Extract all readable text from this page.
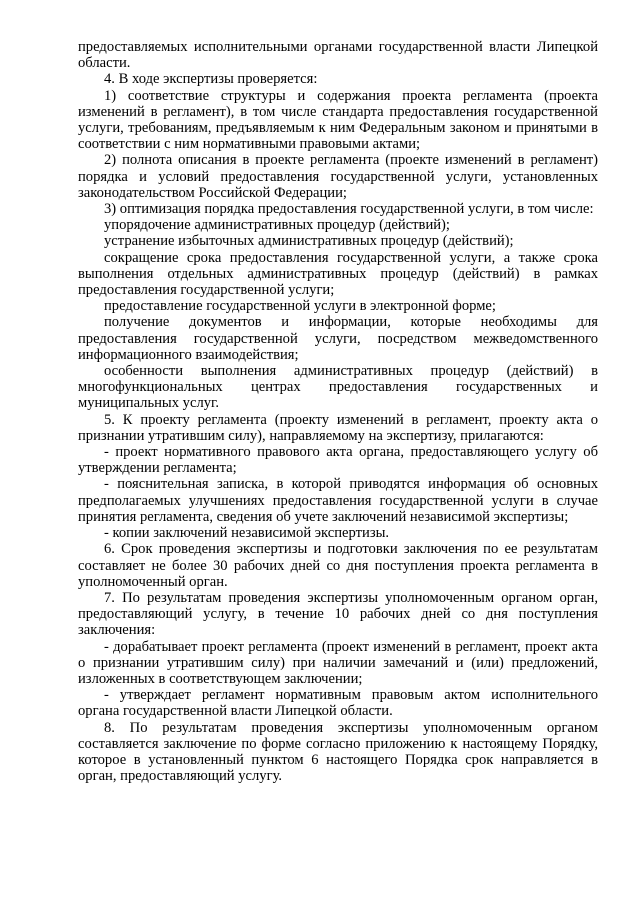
предоставляемых исполнительными органами государственной власти Липецкой области.

4. В ходе экспертизы проверяется:

1) соответствие структуры и содержания проекта регламента (проекта изменений в регламент), в том числе стандарта предоставления государственной услуги, требованиям, предъявляемым к ним Федеральным законом и принятыми в соответствии с ним нормативными правовыми актами;

2) полнота описания в проекте регламента (проекте изменений в регламент) порядка и условий предоставления государственной услуги, установленных законодательством Российской Федерации;

3) оптимизация порядка предоставления государственной услуги, в том числе:

упорядочение административных процедур (действий);

устранение избыточных административных процедур (действий);

сокращение срока предоставления государственной услуги, а также срока выполнения отдельных административных процедур (действий) в рамках предоставления государственной услуги;

предоставление государственной услуги в электронной форме;

получение документов и информации, которые необходимы для предоставления государственной услуги, посредством межведомственного информационного взаимодействия;

особенности выполнения административных процедур (действий) в многофункциональных центрах предоставления государственных и муниципальных услуг.

5. К проекту регламента (проекту изменений в регламент, проекту акта о признании утратившим силу), направляемому на экспертизу, прилагаются:

- проект нормативного правового акта органа, предоставляющего услугу об утверждении регламента;

- пояснительная записка, в которой приводятся информация об основных предполагаемых улучшениях предоставления государственной услуги в случае принятия регламента, сведения об учете заключений независимой экспертизы;

- копии заключений независимой экспертизы.

6. Срок проведения экспертизы и подготовки заключения по ее результатам составляет не более 30 рабочих дней со дня поступления проекта регламента в уполномоченный орган.

7. По результатам проведения экспертизы уполномоченным органом орган, предоставляющий услугу, в течение 10 рабочих дней со дня поступления заключения:

- дорабатывает проект регламента (проект изменений в регламент, проект акта о признании утратившим силу) при наличии замечаний и (или) предложений, изложенных в соответствующем заключении;

- утверждает регламент нормативным правовым актом исполнительного органа государственной власти Липецкой области.

8. По результатам проведения экспертизы уполномоченным органом составляется заключение по форме согласно приложению к настоящему Порядку, которое в установленный пунктом 6 настоящего Порядка срок направляется в орган, предоставляющий услугу.
